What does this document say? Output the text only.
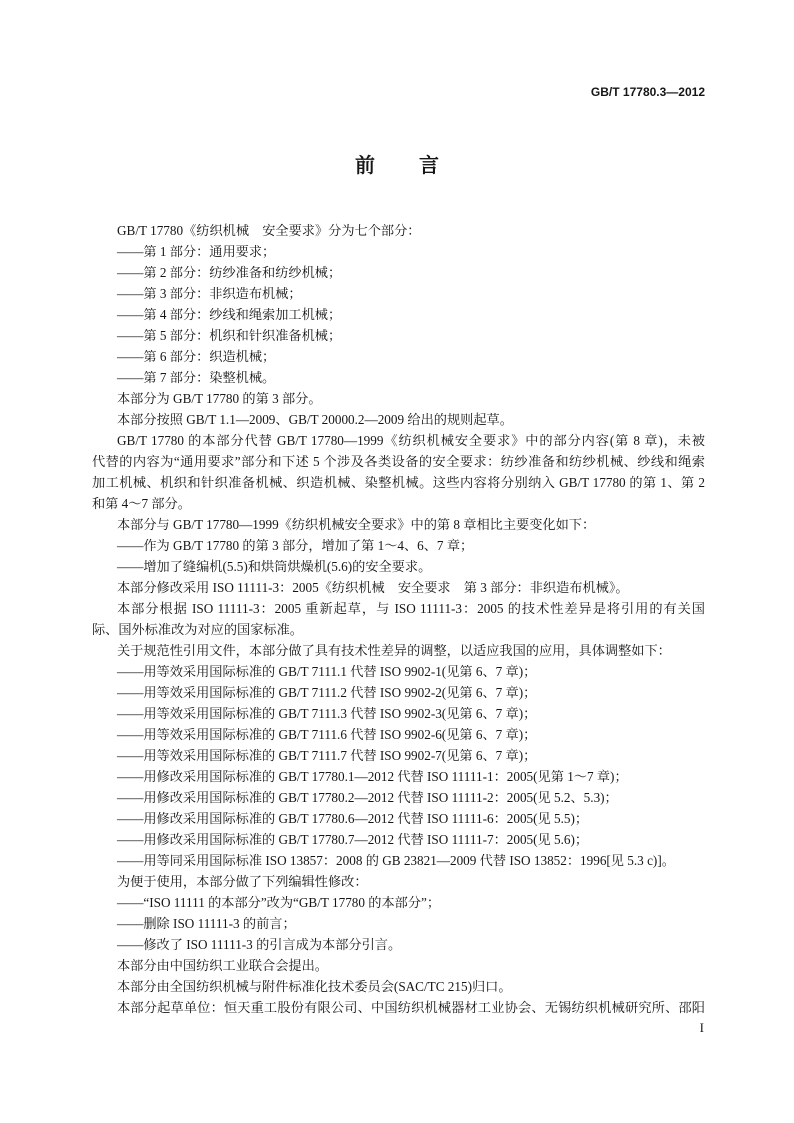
GB/T 17780.3—2012
前　言
GB/T 17780《纺织机械　安全要求》分为七个部分：
——第 1 部分：通用要求；
——第 2 部分：纺纱准备和纺纱机械；
——第 3 部分：非织造布机械；
——第 4 部分：纱线和绳索加工机械；
——第 5 部分：机织和针织准备机械；
——第 6 部分：织造机械；
——第 7 部分：染整机械。
本部分为 GB/T 17780 的第 3 部分。
本部分按照 GB/T 1.1—2009、GB/T 20000.2—2009 给出的规则起草。
GB/T 17780 的本部分代替 GB/T 17780—1999《纺织机械安全要求》中的部分内容(第 8 章)，未被
代替的内容为“通用要求”部分和下述 5 个涉及各类设备的安全要求：纺纱准备和纺纱机械、纱线和绳索
加工机械、机织和针织准备机械、织造机械、染整机械。这些内容将分别纳入 GB/T 17780 的第 1、第 2
和第 4～7 部分。
本部分与 GB/T 17780—1999《纺织机械安全要求》中的第 8 章相比主要变化如下：
——作为 GB/T 17780 的第 3 部分，增加了第 1～4、6、7 章；
——增加了缝编机(5.5)和烘筒烘燥机(5.6)的安全要求。
本部分修改采用 ISO 11111-3：2005《纺织机械　安全要求　第 3 部分：非织造布机械》。
本部分根据 ISO 11111-3：2005 重新起草，与 ISO 11111-3：2005 的技术性差异是将引用的有关国
际、国外标准改为对应的国家标准。
关于规范性引用文件，本部分做了具有技术性差异的调整，以适应我国的应用，具体调整如下：
——用等效采用国际标准的 GB/T 7111.1 代替 ISO 9902-1(见第 6、7 章)；
——用等效采用国际标准的 GB/T 7111.2 代替 ISO 9902-2(见第 6、7 章)；
——用等效采用国际标准的 GB/T 7111.3 代替 ISO 9902-3(见第 6、7 章)；
——用等效采用国际标准的 GB/T 7111.6 代替 ISO 9902-6(见第 6、7 章)；
——用等效采用国际标准的 GB/T 7111.7 代替 ISO 9902-7(见第 6、7 章)；
——用修改采用国际标准的 GB/T 17780.1—2012 代替 ISO 11111-1：2005(见第 1～7 章)；
——用修改采用国际标准的 GB/T 17780.2—2012 代替 ISO 11111-2：2005(见 5.2、5.3)；
——用修改采用国际标准的 GB/T 17780.6—2012 代替 ISO 11111-6：2005(见 5.5)；
——用修改采用国际标准的 GB/T 17780.7—2012 代替 ISO 11111-7：2005(见 5.6)；
——用等同采用国际标准 ISO 13857：2008 的 GB 23821—2009 代替 ISO 13852：1996[见 5.3 c)]。
为便于使用，本部分做了下列编辑性修改：
——“ISO 11111 的本部分”改为“GB/T 17780 的本部分”；
——删除 ISO 11111-3 的前言；
——修改了 ISO 11111-3 的引言成为本部分引言。
本部分由中国纺织工业联合会提出。
本部分由全国纺织机械与附件标准化技术委员会(SAC/TC 215)归口。
本部分起草单位：恒天重工股份有限公司、中国纺织机械器材工业协会、无锡纺织机械研究所、邵阳
I
